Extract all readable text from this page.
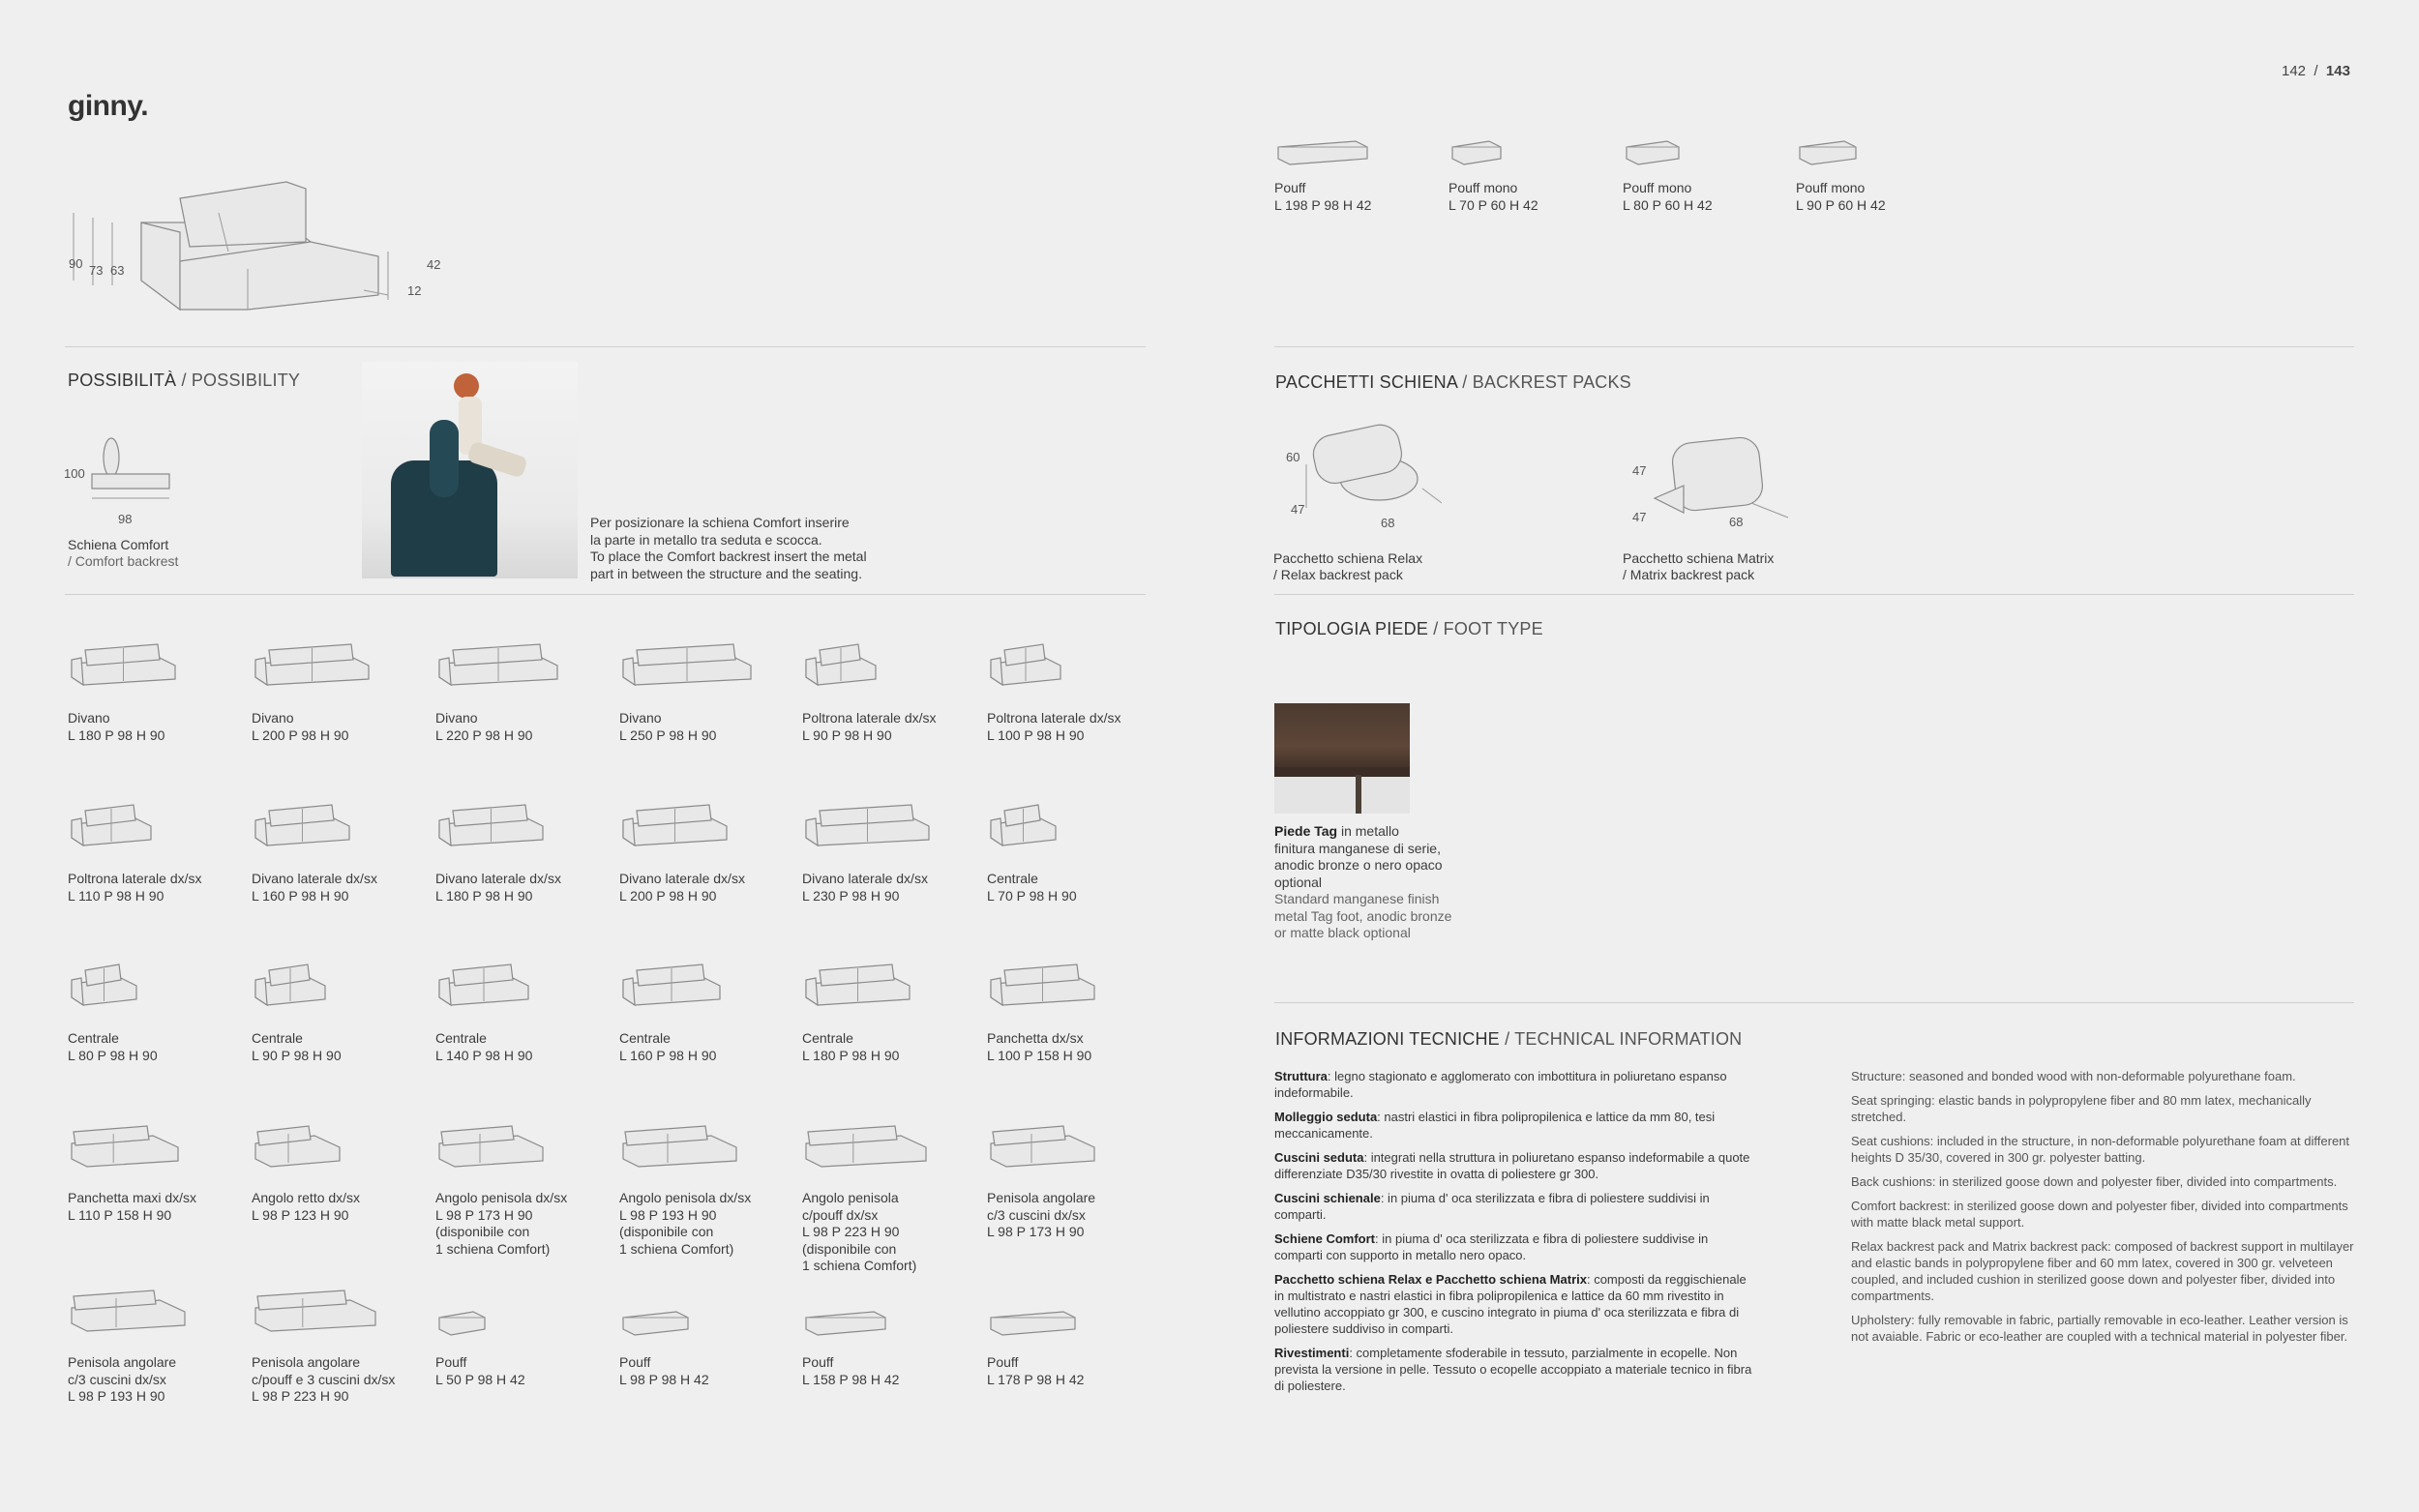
ginny.
90 73 63	42
12
POSSIBILITÀ / POSSIBILITY
100
98
Schiena Comfort
/ Comfort backrest
Per posizionare la schiena Comfort inserire
la parte in metallo tra seduta e scocca.
To place the Comfort backrest insert the metal
part in between the structure and the seating.
Divano
L 180 P 98 H 90
Divano
L 200 P 98 H 90
Divano
L 220 P 98 H 90
Divano
L 250 P 98 H 90
Poltrona laterale dx/sx
L 90 P 98 H 90
Poltrona laterale dx/sx
L 100 P 98 H 90
Poltrona laterale dx/sx
L 110 P 98 H 90
Divano laterale dx/sx
L 160 P 98 H 90
Divano laterale dx/sx
L 180 P 98 H 90
Divano laterale dx/sx
L 200 P 98 H 90
Divano laterale dx/sx
L 230 P 98 H 90
Centrale
L 70 P 98 H 90
Centrale
L 80 P 98 H 90
Centrale
L 90 P 98 H 90
Centrale
L 140 P 98 H 90
Centrale
L 160 P 98 H 90
Centrale
L 180 P 98 H 90
Panchetta dx/sx
L 100 P 158 H 90
Panchetta maxi dx/sx
L 110 P 158 H 90
Angolo retto dx/sx
L 98 P 123 H 90
Angolo penisola dx/sx
L 98 P 173 H 90
(disponibile con
1 schiena Comfort)
Angolo penisola dx/sx
L 98 P 193 H 90
(disponibile con
1 schiena Comfort)
Angolo penisola
c/pouff dx/sx
L 98 P 223 H 90
(disponibile con
1 schiena Comfort)
Penisola angolare
c/3 cuscini dx/sx
L 98 P 173 H 90
Penisola angolare
c/3 cuscini dx/sx
L 98 P 193 H 90
Penisola angolare
c/pouff e 3 cuscini dx/sx
L 98 P 223 H 90
Pouff
L 50 P 98 H 42
Pouff
L 98 P 98 H 42
Pouff
L 158 P 98 H 42
Pouff
L 178 P 98 H 42
142 / 143
Pouff
L 198 P 98 H 42
Pouff mono
L 70 P 60 H 42
Pouff mono
L 80 P 60 H 42
Pouff mono
L 90 P 60 H 42
PACCHETTI SCHIENA / BACKREST PACKS
60
47
68
Pacchetto schiena Relax
/ Relax backrest pack
47
47	68
Pacchetto schiena Matrix
/ Matrix backrest pack
TIPOLOGIA PIEDE / FOOT TYPE
Piede Tag in metallo
finitura manganese di serie,
anodic bronze o nero opaco
optional
Standard manganese finish
metal Tag foot, anodic bronze
or matte black optional
INFORMAZIONI TECNICHE / TECHNICAL INFORMATION

Struttura: legno stagionato e agglomerato con imbottitura in poliuretano espanso indeformabile.

Molleggio seduta: nastri elastici in fibra polipropilenica e lattice da mm 80, tesi meccanicamente.

Cuscini seduta: integrati nella struttura in poliuretano espanso indeformabile a quote differenziate D35/30 rivestite in ovatta di poliestere gr 300.

Cuscini schienale: in piuma d' oca sterilizzata e fibra di poliestere suddivisi in comparti.

Schiene Comfort: in piuma d' oca sterilizzata e fibra di poliestere suddivise in comparti con supporto in metallo nero opaco.

Pacchetto schiena Relax e Pacchetto schiena Matrix: composti da reggischienale in multistrato e nastri elastici in fibra polipropilenica e lattice da 60 mm rivestito in vellutino accoppiato gr 300, e cuscino integrato in piuma d' oca sterilizzata e fibra di poliestere suddiviso in comparti.

Rivestimenti: completamente sfoderabile in tessuto, parzialmente in ecopelle. Non prevista la versione in pelle. Tessuto o ecopelle accoppiato a materiale tecnico in fibra di poliestere.

Structure: seasoned and bonded wood with non-deformable polyurethane foam.

Seat springing: elastic bands in polypropylene fiber and 80 mm latex, mechanically stretched.

Seat cushions: included in the structure, in non-deformable polyurethane foam at different heights D 35/30, covered in 300 gr. polyester batting.

Back cushions: in sterilized goose down and polyester fiber, divided into compartments.

Comfort backrest: in sterilized goose down and polyester fiber, divided into compartments with matte black metal support.

Relax backrest pack and Matrix backrest pack: composed of backrest support in multilayer and elastic bands in polypropylene fiber and 60 mm latex, covered in 300 gr. velveteen coupled, and included cushion in sterilized goose down and polyester fiber, divided into compartments.

Upholstery: fully removable in fabric, partially removable in eco-leather. Leather version is not avaiable. Fabric or eco-leather are coupled with a technical material in polyester fiber.
